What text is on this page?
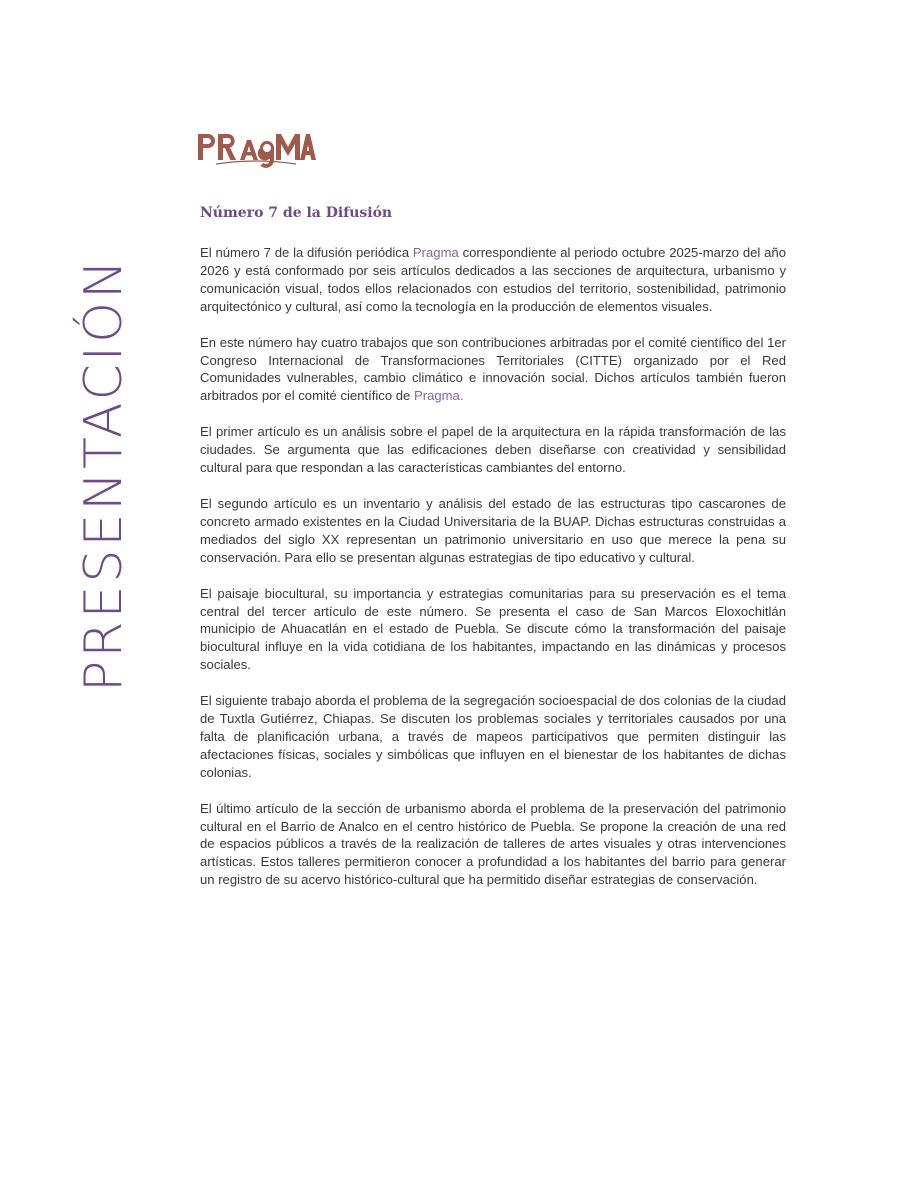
PRESENTACIÓN
Número 7 de la Difusión

El número 7 de la difusión periódica Pragma correspondiente al periodo octubre 2025-marzo del año 2026 y está conformado por seis artículos dedicados a las secciones de arquitectura, urbanismo y comunicación visual, todos ellos relacionados con estudios del territorio, sostenibilidad, patrimonio arquitectónico y cultural, así como la tecnología en la producción de elementos visuales.

En este número hay cuatro trabajos que son contribuciones arbitradas por el comité científico del 1er Congreso Internacional de Transformaciones Territoriales (CITTE) organizado por el Red Comunidades vulnerables, cambio climático e innovación social. Dichos artículos también fueron arbitrados por el comité científico de Pragma.

El primer artículo es un análisis sobre el papel de la arquitectura en la rápida transformación de las ciudades. Se argumenta que las edificaciones deben diseñarse con creatividad y sensibilidad cultural para que respondan a las características cambiantes del entorno.

El segundo artículo es un inventario y análisis del estado de las estructuras tipo cascarones de concreto armado existentes en la Ciudad Universitaria de la BUAP. Dichas estructuras construidas a mediados del siglo XX representan un patrimonio universitario en uso que merece la pena su conservación. Para ello se presentan algunas estrategias de tipo educativo y cultural.

El paisaje biocultural, su importancia y estrategias comunitarias para su preservación es el tema central del tercer artículo de este número. Se presenta el caso de San Marcos Eloxochitlán municipio de Ahuacatlán en el estado de Puebla. Se discute cómo la transformación del paisaje biocultural influye en la vida cotidiana de los habitantes, impactando en las dinámicas y procesos sociales.

El siguiente trabajo aborda el problema de la segregación socioespacial de dos colonias de la ciudad de Tuxtla Gutiérrez, Chiapas. Se discuten los problemas sociales y territoriales causados por una falta de planificación urbana, a través de mapeos participativos que permiten distinguir las afectaciones físicas, sociales y simbólicas que influyen en el bienestar de los habitantes de dichas colonias.

El último artículo de la sección de urbanismo aborda el problema de la preservación del patrimonio cultural en el Barrio de Analco en el centro histórico de Puebla. Se propone la creación de una red de espacios públicos a través de la realización de talleres de artes visuales y otras intervenciones artísticas. Estos talleres permitieron conocer a profundidad a los habitantes del barrio para generar un registro de su acervo histórico-cultural que ha permitido diseñar estrategias de conservación.
